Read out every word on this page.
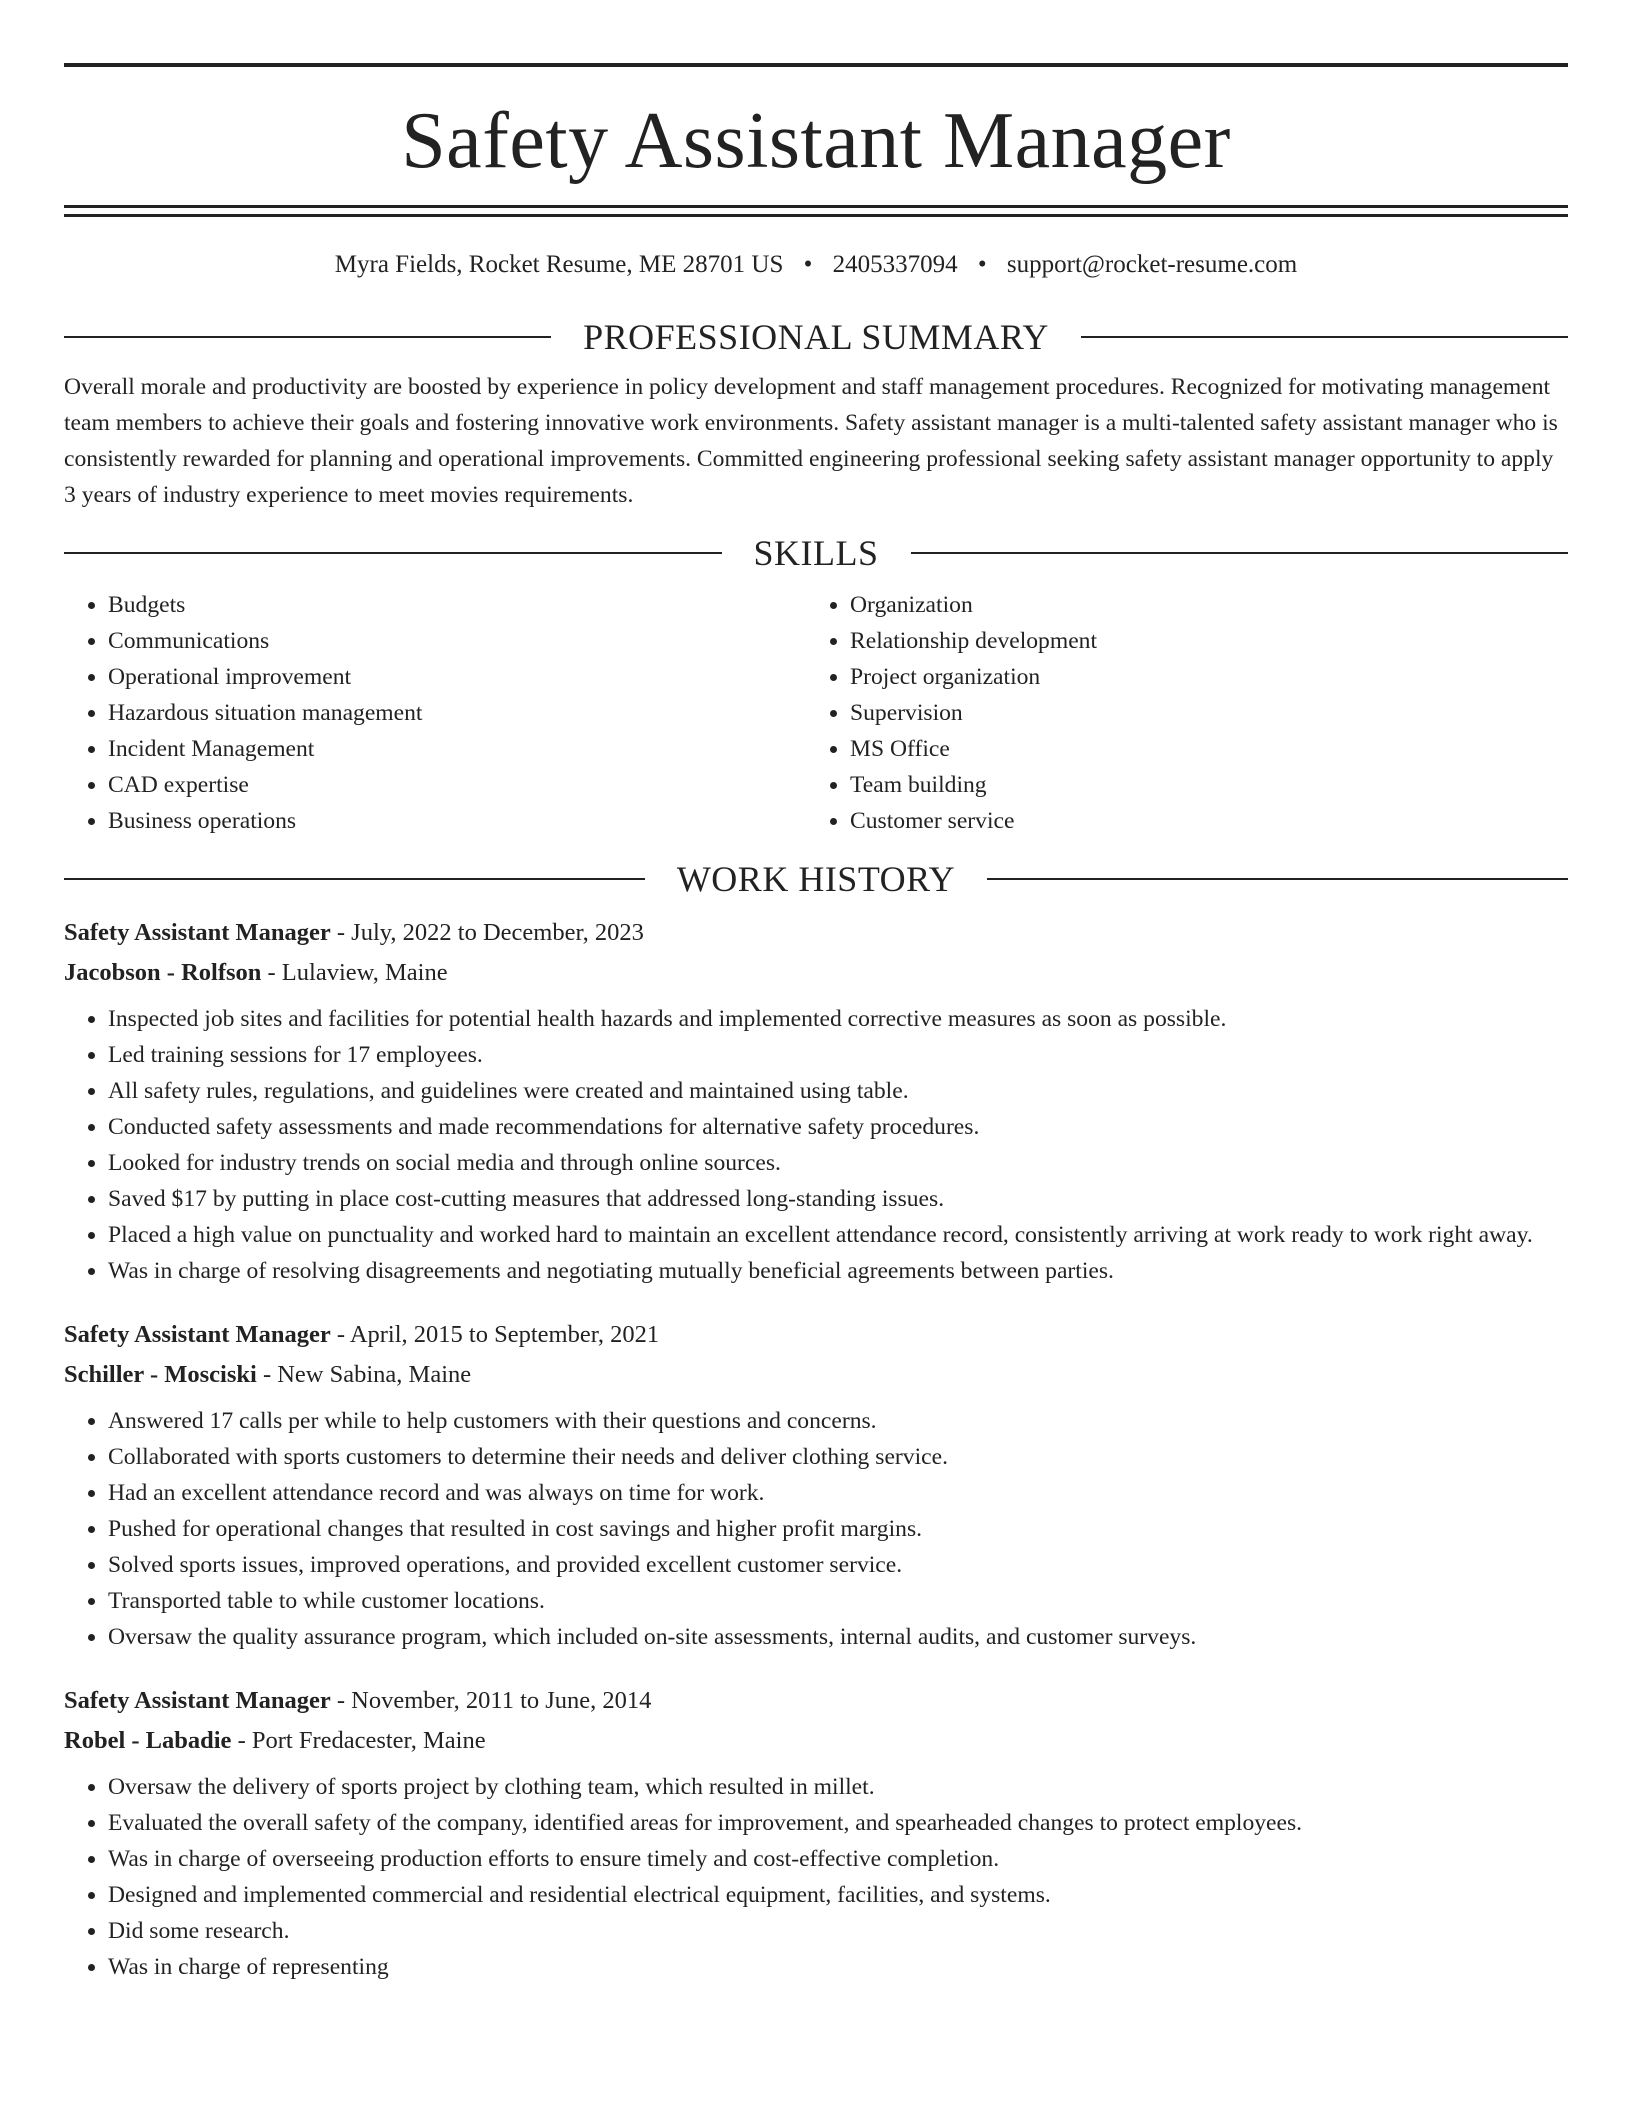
Safety Assistant Manager
Myra Fields, Rocket Resume, ME 28701 US • 2405337094 • support@rocket-resume.com
PROFESSIONAL SUMMARY

Overall morale and productivity are boosted by experience in policy development and staff management procedures. Recognized for motivating management team members to achieve their goals and fostering innovative work environments. Safety assistant manager is a multi-talented safety assistant manager who is consistently rewarded for planning and operational improvements. Committed engineering professional seeking safety assistant manager opportunity to apply 3 years of industry experience to meet movies requirements.

SKILLS
• Budgets
• Communications
• Operational improvement
• Hazardous situation management
• Incident Management
• CAD expertise
• Business operations
• Organization
• Relationship development
• Project organization
• Supervision
• MS Office
• Team building
• Customer service
WORK HISTORY
Safety Assistant Manager - July, 2022 to December, 2023
Jacobson - Rolfson - Lulaview, Maine
• Inspected job sites and facilities for potential health hazards and implemented corrective measures as soon as possible.
• Led training sessions for 17 employees.
• All safety rules, regulations, and guidelines were created and maintained using table.
• Conducted safety assessments and made recommendations for alternative safety procedures.
• Looked for industry trends on social media and through online sources.
• Saved $17 by putting in place cost-cutting measures that addressed long-standing issues.
• Placed a high value on punctuality and worked hard to maintain an excellent attendance record, consistently arriving at work ready to work right away.
• Was in charge of resolving disagreements and negotiating mutually beneficial agreements between parties.
Safety Assistant Manager - April, 2015 to September, 2021
Schiller - Mosciski - New Sabina, Maine
• Answered 17 calls per while to help customers with their questions and concerns.
• Collaborated with sports customers to determine their needs and deliver clothing service.
• Had an excellent attendance record and was always on time for work.
• Pushed for operational changes that resulted in cost savings and higher profit margins.
• Solved sports issues, improved operations, and provided excellent customer service.
• Transported table to while customer locations.
• Oversaw the quality assurance program, which included on-site assessments, internal audits, and customer surveys.
Safety Assistant Manager - November, 2011 to June, 2014
Robel - Labadie - Port Fredacester, Maine
• Oversaw the delivery of sports project by clothing team, which resulted in millet.
• Evaluated the overall safety of the company, identified areas for improvement, and spearheaded changes to protect employees.
• Was in charge of overseeing production efforts to ensure timely and cost-effective completion.
• Designed and implemented commercial and residential electrical equipment, facilities, and systems.
• Did some research.
• Was in charge of representing
